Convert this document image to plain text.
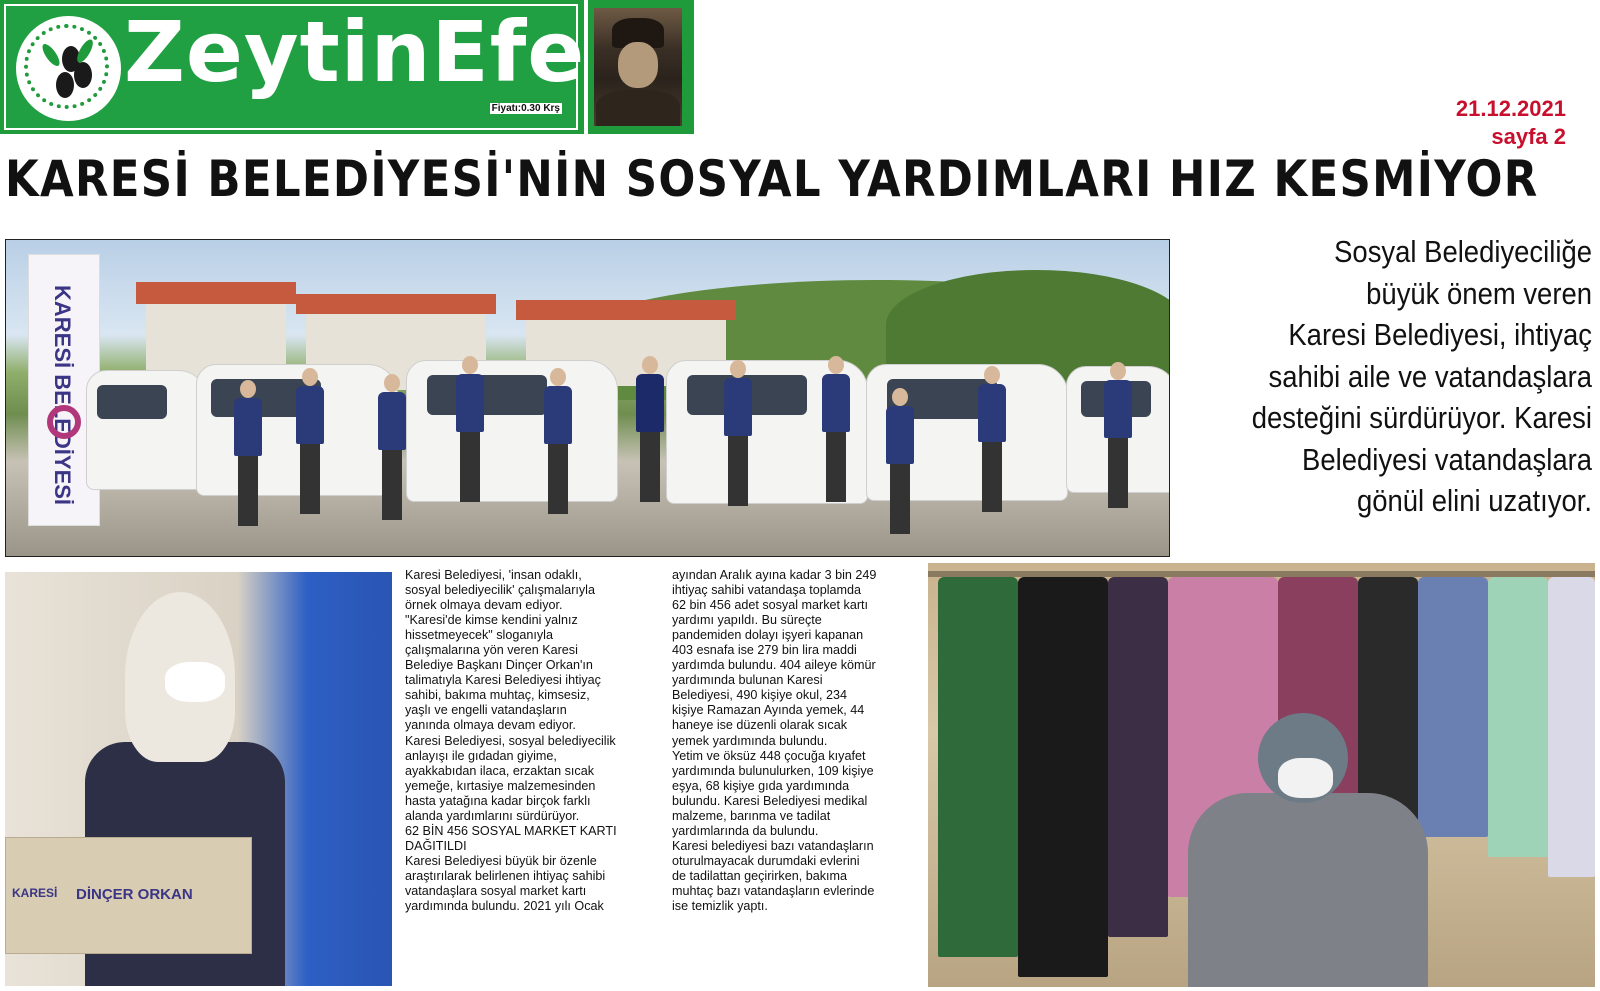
ZeytinEfe
Fiyatı:0.30 Krş	21.12.2021
sayfa 2
KARESİ BELEDİYESİ'NİN SOSYAL YARDIMLARI HIZ KESMİYOR
KARESİ BELEDİYESİ
Sosyal Belediyeciliğe
büyük önem veren
Karesi Belediyesi, ihtiyaç
sahibi aile ve vatandaşlara
desteğini sürdürüyor. Karesi
Belediyesi vatandaşlara
gönül elini uzatıyor.
KARESİ DİNÇER ORKAN

Karesi Belediyesi, 'insan odaklı,

sosyal belediyecilik' çalışmalarıyla

örnek olmaya devam ediyor.

"Karesi'de kimse kendini yalnız

hissetmeyecek" sloganıyla

çalışmalarına yön veren Karesi

Belediye Başkanı Dinçer Orkan'ın

talimatıyla Karesi Belediyesi ihtiyaç

sahibi, bakıma muhtaç, kimsesiz,

yaşlı ve engelli vatandaşların

yanında olmaya devam ediyor.

Karesi Belediyesi, sosyal belediyecilik

anlayışı ile gıdadan giyime,

ayakkabıdan ilaca, erzaktan sıcak

yemeğe, kırtasiye malzemesinden

hasta yatağına kadar birçok farklı

alanda yardımlarını sürdürüyor.

62 BİN 456 SOSYAL MARKET KARTI

DAĞITILDI

Karesi Belediyesi büyük bir özenle

araştırılarak belirlenen ihtiyaç sahibi

vatandaşlara sosyal market kartı

yardımında bulundu. 2021 yılı Ocak

ayından Aralık ayına kadar 3 bin 249

ihtiyaç sahibi vatandaşa toplamda

62 bin 456 adet sosyal market kartı

yardımı yapıldı. Bu süreçte

pandemiden dolayı işyeri kapanan

403 esnafa ise 279 bin lira maddi

yardımda bulundu. 404 aileye kömür

yardımında bulunan Karesi

Belediyesi, 490 kişiye okul, 234

kişiye Ramazan Ayında yemek, 44

haneye ise düzenli olarak sıcak

yemek yardımında bulundu.

Yetim ve öksüz 448 çocuğa kıyafet

yardımında bulunulurken, 109 kişiye

eşya, 68 kişiye gıda yardımında

bulundu. Karesi Belediyesi medikal

malzeme, barınma ve tadilat

yardımlarında da bulundu.

Karesi belediyesi bazı vatandaşların

oturulmayacak durumdaki evlerini

de tadilattan geçirirken, bakıma

muhtaç bazı vatandaşların evlerinde

ise temizlik yaptı.
